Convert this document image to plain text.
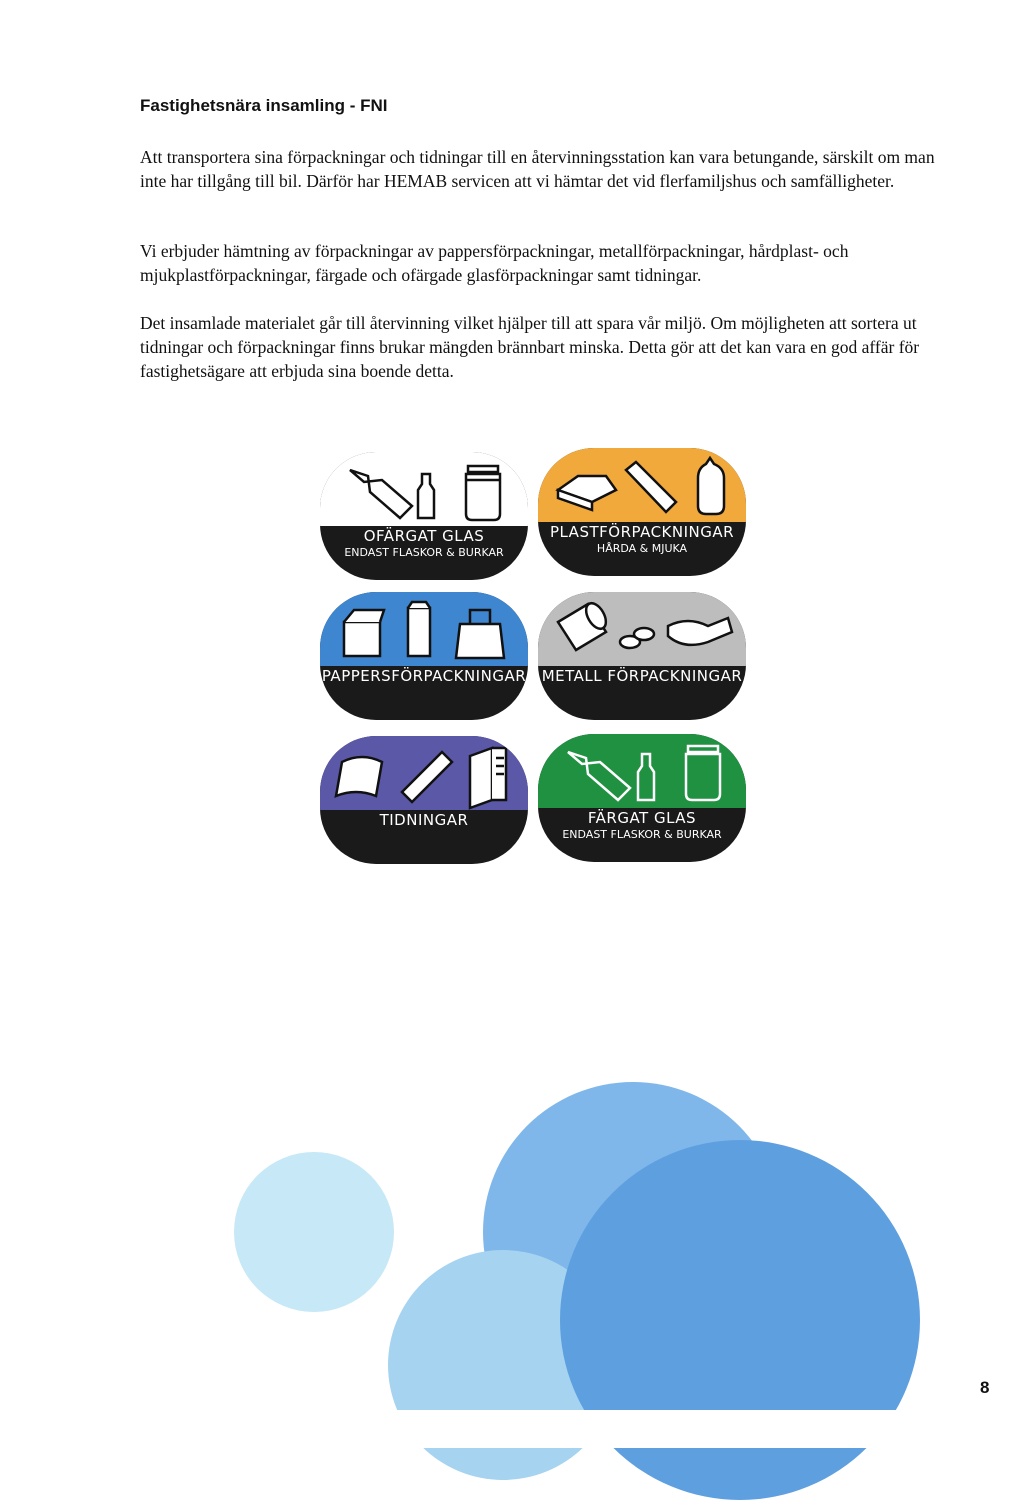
Fastighetsnära insamling - FNI

Att transportera sina förpackningar och tidningar till en återvinningsstation kan vara betungande, särskilt om man inte har tillgång till bil. Därför har HEMAB servicen att vi hämtar det vid flerfamiljshus och samfälligheter.

Vi erbjuder hämtning av förpackningar av pappersförpackningar, metallförpackningar, hårdplast- och mjukplastförpackningar, färgade och ofärgade glasförpackningar samt tidningar.

Det insamlade materialet går till återvinning vilket hjälper till att spara vår miljö. Om möjligheten att sortera ut tidningar och förpackningar finns brukar mängden brännbart minska. Detta gör att det kan vara en god affär för fastighetsägare att erbjuda sina boende detta.

OFÄRGAT GLAS
ENDAST FLASKOR & BURKAR
PLASTFÖRPACKNINGAR
HÅRDA & MJUKA
PAPPERSFÖRPACKNINGAR METALL FÖRPACKNINGAR
TIDNINGAR	FÄRGAT GLAS
ENDAST FLASKOR & BURKAR
8
